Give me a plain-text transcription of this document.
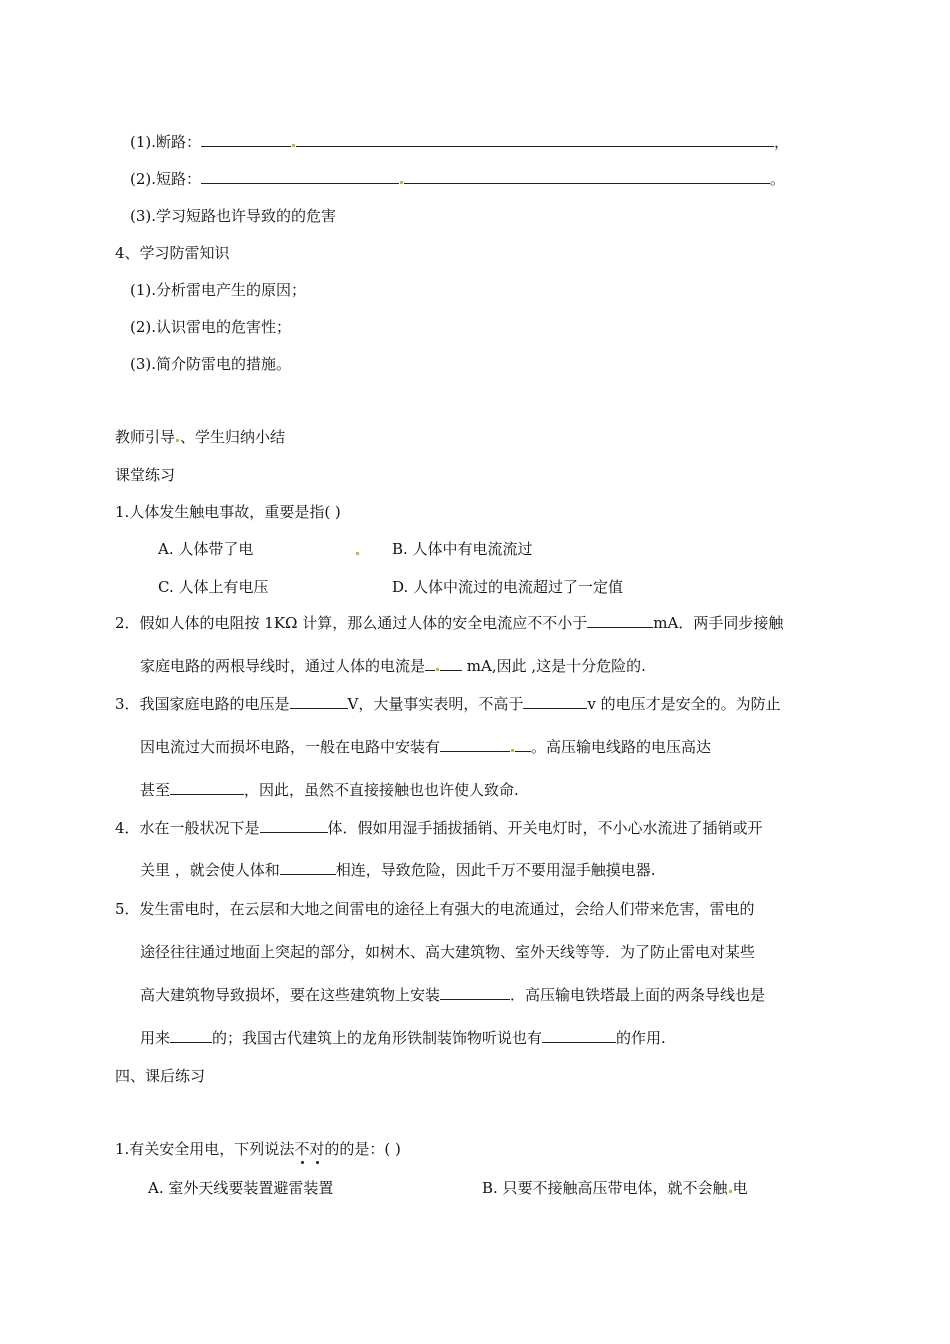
(1).断路：	，
(2).短路：	。
(3).学习短路也许导致的的危害
4、学习防雷知识
(1).分析雷电产生的原因；
(2).认识雷电的危害性；
(3).简介防雷电的措施。
教师引导 、学生归纳小结
课堂练习
1.人体发生触电事故，重要是指( )
A. 人体带了电	B. 人体中有电流流过
C. 人体上有电压	D. 人体中流过的电流超过了一定值
2．假如人体的电阻按 1KΩ 计算，那么通过人体的安全电流应不不小于	mA．两手同步接触
家庭电路的两根导线时，通过人体的电流是 mA,因此 ,这是十分危险的.
3．我国家庭电路的电压是	V，大量事实表明，不高于	v 的电压才是安全的。为防止
因电流过大而损坏电路，一般在电路中安装有	。高压输电线路的电压高达
甚至	，因此，虽然不直接接触也也许使人致命.
4．水在一般状况下是	体．假如用湿手插拔插销、开关电灯时，不小心水流进了插销或开
关里 ，就会使人体和	相连，导致危险，因此千万不要用湿手触摸电器.
5．发生雷电时，在云层和大地之间雷电的途径上有强大的电流通过，会给人们带来危害，雷电的
途径往往通过地面上突起的部分，如树木、高大建筑物、室外天线等等．为了防止雷电对某些
高大建筑物导致损坏，要在这些建筑物上安装	．高压输电铁塔最上面的两条导线也是
用来	的；我国古代建筑上的龙角形铁制装饰物听说也有	的作用.
四、课后练习
1.有关安全用电，下列说法不对的的是：( )
A. 室外天线要装置避雷装置	B. 只要不接触高压带电体，就不会触 电
